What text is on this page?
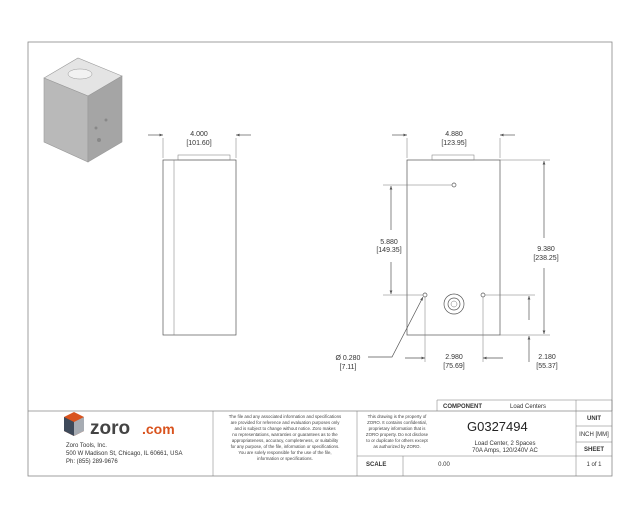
4.000
[101.60]
4.880
[123.95]
5.880
[149.35]	9.380
[238.25]
Ø 0.280
[7.11]
2.980
[75.69]
2.180
[55.37]
zoro .com
Zoro Tools, Inc.
500 W Madison St, Chicago, IL 60661, USA
Ph: (855) 289-9676
The file and any associated information and specifications
are provided for reference and evaluation purposes only
and is subject to change without notice. Zoro makes
no representations, warranties or guarantees as to the
appropriateness, accuracy, completeness, or suitability
for any purpose, of the file, information or specifications.
You are solely responsible for the use of the file,
information or specifications.
This drawing is the property of
ZORO. It contains confidential,
proprietary information that is
ZORO property. Do not disclose
to or duplicate for others except
as authorized by ZORO.
COMPONENT	Load Centers
G0327494
Load Center, 2 Spaces
70A Amps, 120/240V AC
SCALE	0.00
UNIT
INCH [MM]
SHEET
1 of 1
